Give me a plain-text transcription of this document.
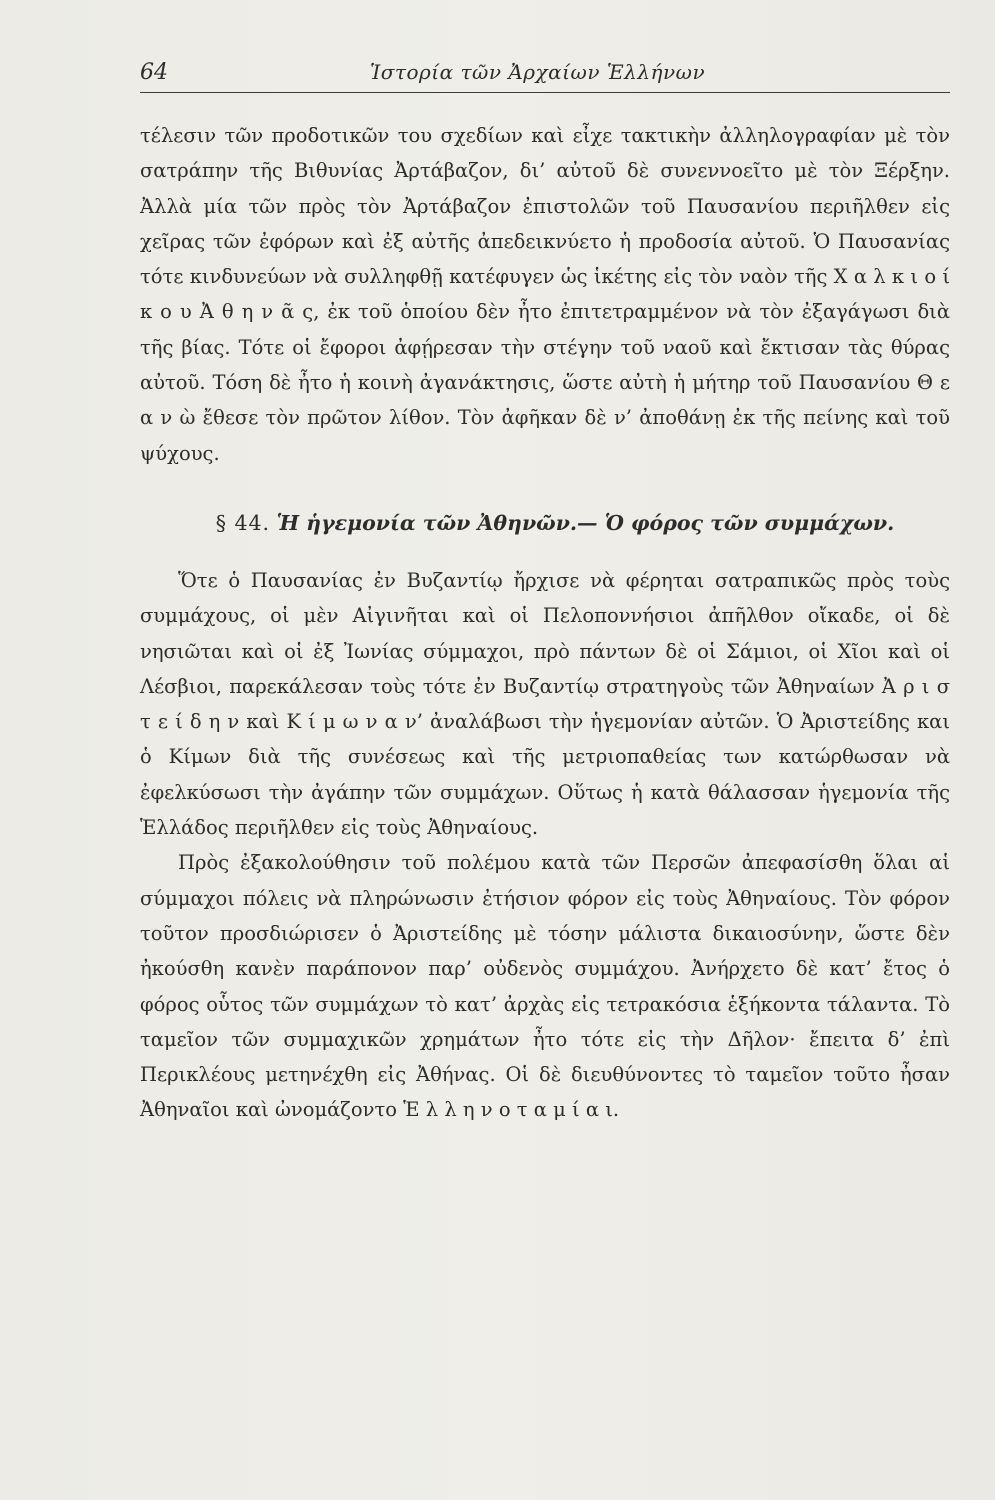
64	Ἱστορία τῶν Ἀρχαίων Ἑλλήνων

τέλεσιν τῶν προδοτικῶν του σχεδίων καὶ εἶχε τακτικὴν ἀλληλογραφίαν μὲ τὸν σατράπην τῆς Βιθυνίας Ἀρτάβαζον, δι’ αὐτοῦ δὲ συνεννοεῖτο μὲ τὸν Ξέρξην. Ἀλλὰ μία τῶν πρὸς τὸν Ἀρτάβαζον ἐπιστολῶν τοῦ Παυσανίου περιῆλθεν εἰς χεῖρας τῶν ἐφόρων καὶ ἐξ αὐτῆς ἀπεδεικνύετο ἡ προδοσία αὐτοῦ. Ὁ Παυσανίας τότε κινδυνεύων νὰ συλληφθῇ κατέφυγεν ὡς ἱκέτης εἰς τὸν ναὸν τῆς Χ α λ κ ι ο ί κ ο υ Ἀ θ η ν ᾶ ς, ἐκ τοῦ ὁποίου δὲν ἦτο ἐπιτετραμμένον νὰ τὸν ἐξαγάγωσι διὰ τῆς βίας. Τότε οἱ ἔφοροι ἀφῄρεσαν τὴν στέγην τοῦ ναοῦ καὶ ἔκτισαν τὰς θύρας αὐτοῦ. Τόση δὲ ἦτο ἡ κοινὴ ἀγανάκτησις, ὥστε αὐτὴ ἡ μήτηρ τοῦ Παυσανίου Θ ε α ν ὼ ἔθεσε τὸν πρῶτον λίθον. Τὸν ἀφῆκαν δὲ ν’ ἀποθάνῃ ἐκ τῆς πείνης καὶ τοῦ ψύχους.

§ 44. Ἡ ἡγεμονία τῶν Ἀθηνῶν.— Ὁ φόρος τῶν συμμάχων.

Ὅτε ὁ Παυσανίας ἐν Βυζαντίῳ ἤρχισε νὰ φέρηται σατραπικῶς πρὸς τοὺς συμμάχους, οἱ μὲν Αἰγινῆται καὶ οἱ Πελοποννήσιοι ἀπῆλθον οἴκαδε, οἱ δὲ νησιῶται καὶ οἱ ἐξ Ἰωνίας σύμμαχοι, πρὸ πάντων δὲ οἱ Σάμιοι, οἱ Χῖοι καὶ οἱ Λέσβιοι, παρεκάλεσαν τοὺς τότε ἐν Βυζαντίῳ στρατηγοὺς τῶν Ἀθηναίων Ἀ ρ ι σ τ ε ί δ η ν καὶ Κ ί μ ω ν α ν’ ἀναλάβωσι τὴν ἡγεμονίαν αὐτῶν. Ὁ Ἀριστείδης και ὁ Κίμων διὰ τῆς συνέσεως καὶ τῆς μετριοπαθείας των κατώρθωσαν νὰ ἐφελκύσωσι τὴν ἀγάπην τῶν συμμάχων. Οὕτως ἡ κατὰ θάλασσαν ἡγεμονία τῆς Ἑλλάδος περιῆλθεν εἰς τοὺς Ἀθηναίους.

Πρὸς ἐξακολούθησιν τοῦ πολέμου κατὰ τῶν Περσῶν ἀπεφασίσθη ὅλαι αἱ σύμμαχοι πόλεις νὰ πληρώνωσιν ἐτήσιον φόρον εἰς τοὺς Ἀθηναίους. Τὸν φόρον τοῦτον προσδιώρισεν ὁ Ἀριστείδης μὲ τόσην μάλιστα δικαιοσύνην, ὥστε δὲν ἠκούσθη κανὲν παράπονον παρ’ οὐδενὸς συμμάχου. Ἀνήρχετο δὲ κατ’ ἔτος ὁ φόρος οὗτος τῶν συμμάχων τὸ κατ’ ἀρχὰς εἰς τετρακόσια ἑξήκοντα τάλαντα. Τὸ ταμεῖον τῶν συμμαχικῶν χρημάτων ἦτο τότε εἰς τὴν Δῆλον· ἔπειτα δ’ ἐπὶ Περικλέους μετηνέχθη εἰς Ἀθήνας. Οἱ δὲ διευθύνοντες τὸ ταμεῖον τοῦτο ἦσαν Ἀθηναῖοι καὶ ὠνομάζοντο Ἑ λ λ η ν ο τ α μ ί α ι.
